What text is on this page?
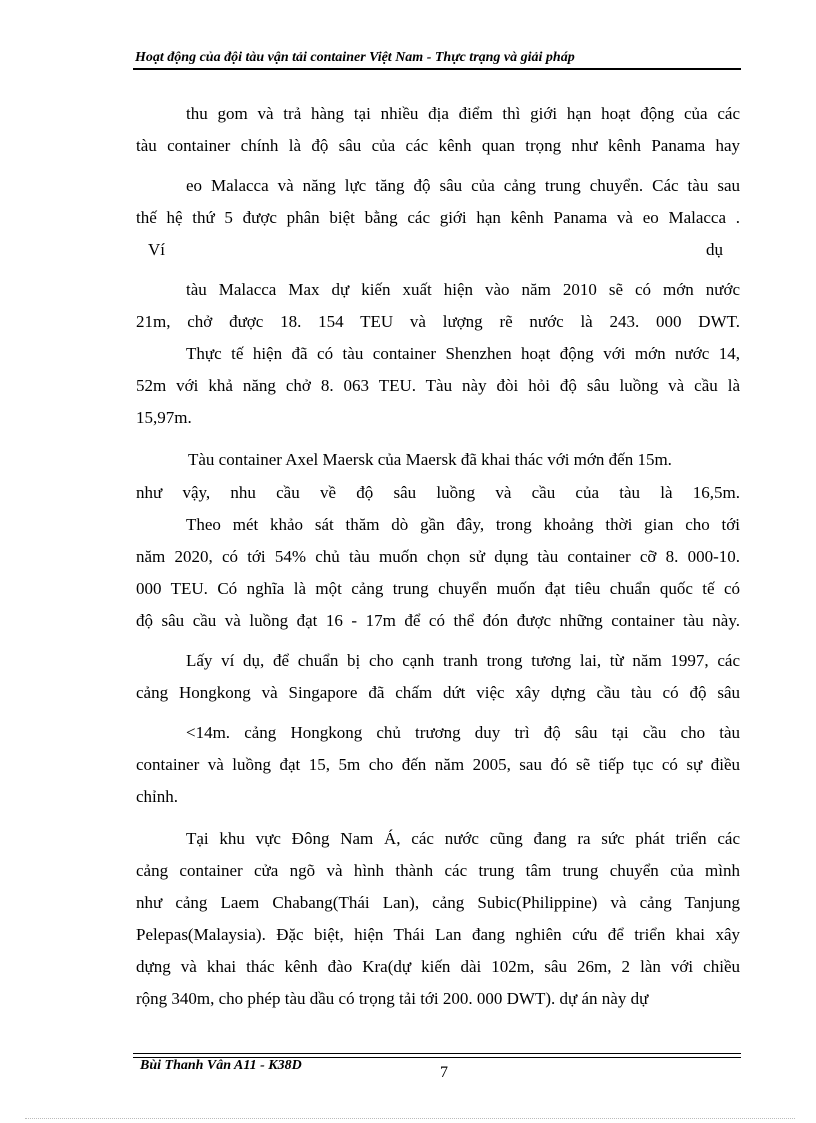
Hoạt động của đội tàu vận tải container Việt Nam - Thực trạng và giải pháp
thu gom và trả hàng tại nhiều địa điểm thì giới hạn hoạt động của các
tàu container chính là độ sâu của các kênh quan trọng như kênh Panama hay
eo Malacca và năng lực tăng độ sâu của cảng trung chuyển. Các tàu sau
thế hệ thứ 5 được phân biệt bằng các giới hạn kênh Panama và eo Malacca .
Ví	dụ
tàu Malacca Max dự kiến xuất hiện vào năm 2010 sẽ có mớn nước
21m, chở được 18. 154 TEU và lượng rẽ nước là 243. 000 DWT.
Thực tế hiện đã có tàu container Shenzhen hoạt động với mớn nước 14,
52m với khả năng chở 8. 063 TEU. Tàu này đòi hỏi độ sâu luồng và cầu là
15,97m.
Tàu container Axel Maersk của Maersk đã khai thác với mớn đến 15m.
như vậy, nhu cầu về độ sâu luồng và cầu của tàu là 16,5m.
Theo mét khảo sát thăm dò gần đây, trong khoảng thời gian cho tới
năm 2020, có tới 54% chủ tàu muốn chọn sử dụng tàu container cỡ 8. 000-10.
000 TEU. Có nghĩa là một cảng trung chuyển muốn đạt tiêu chuẩn quốc tế có
độ sâu cầu và luồng đạt 16 - 17m để có thể đón được những container tàu này.
Lấy ví dụ, để chuẩn bị cho cạnh tranh trong tương lai, từ năm 1997, các
cảng Hongkong và Singapore đã chấm dứt việc xây dựng cầu tàu có độ sâu
<14m. cảng Hongkong chủ trương duy trì độ sâu tại cầu cho tàu
container và luồng đạt 15, 5m cho đến năm 2005, sau đó sẽ tiếp tục có sự điều
chỉnh.
Tại khu vực Đông Nam Á, các nước cũng đang ra sức phát triển các
cảng container cửa ngõ và hình thành các trung tâm trung chuyển của mình
như cảng Laem Chabang(Thái Lan), cảng Subic(Philippine) và cảng Tanjung
Pelepas(Malaysia). Đặc biệt, hiện Thái Lan đang nghiên cứu để triển khai xây
dựng và khai thác kênh đào Kra(dự kiến dài 102m, sâu 26m, 2 làn với chiều
rộng 340m, cho phép tàu dầu có trọng tải tới 200. 000 DWT). dự án này dự
Bùi Thanh Vân A11 - K38D	7
